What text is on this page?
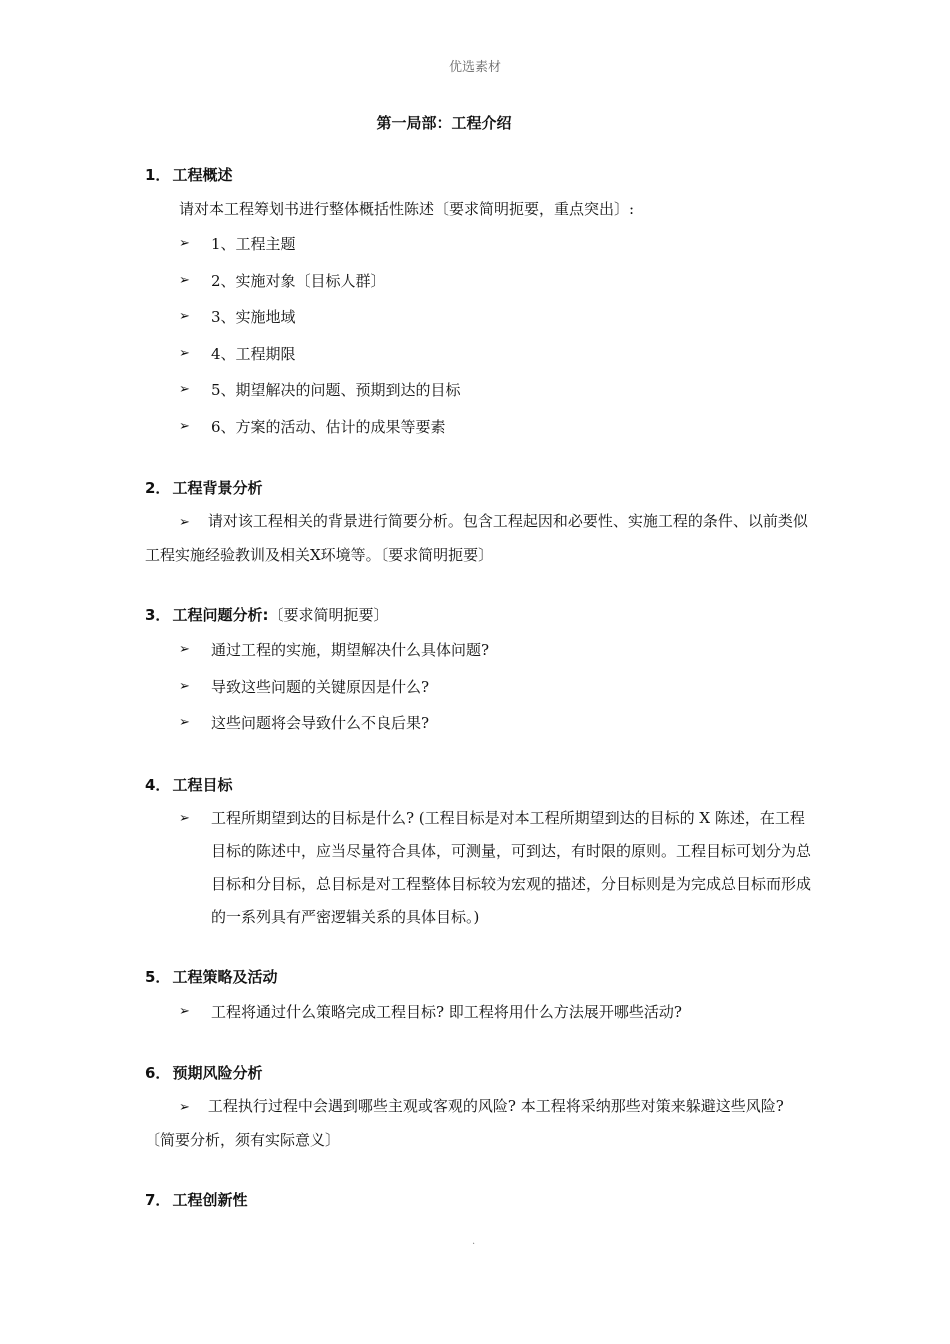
优选素材
第一局部：工程介绍
1． 工程概述
请对本工程筹划书进行整体概括性陈述〔要求简明扼要，重点突出〕:
➢ 1、工程主题
➢ 2、实施对象〔目标人群〕
➢ 3、实施地域
➢ 4、工程期限
➢ 5、期望解决的问题、预期到达的目标
➢ 6、方案的活动、估计的成果等要素
2． 工程背景分析
➢ 请对该工程相关的背景进行简要分析。包含工程起因和必要性、实施工程的条件、以前类似工程实施经验教训及相关X环境等。〔要求简明扼要〕
3． 工程问题分析:〔要求简明扼要〕
➢ 通过工程的实施，期望解决什么具体问题?
➢ 导致这些问题的关键原因是什么?
➢ 这些问题将会导致什么不良后果?
4． 工程目标
➢ 工程所期望到达的目标是什么? (工程目标是对本工程所期望到达的目标的 X 陈述，在工程目标的陈述中，应当尽量符合具体，可测量，可到达，有时限的原则。工程目标可划分为总目标和分目标，总目标是对工程整体目标较为宏观的描述，分目标则是为完成总目标而形成的一系列具有严密逻辑关系的具体目标。)
5． 工程策略及活动
➢ 工程将通过什么策略完成工程目标? 即工程将用什么方法展开哪些活动?
6． 预期风险分析
➢ 工程执行过程中会遇到哪些主观或客观的风险? 本工程将采纳那些对策来躲避这些风险? 〔简要分析，须有实际意义〕
7． 工程创新性
.
